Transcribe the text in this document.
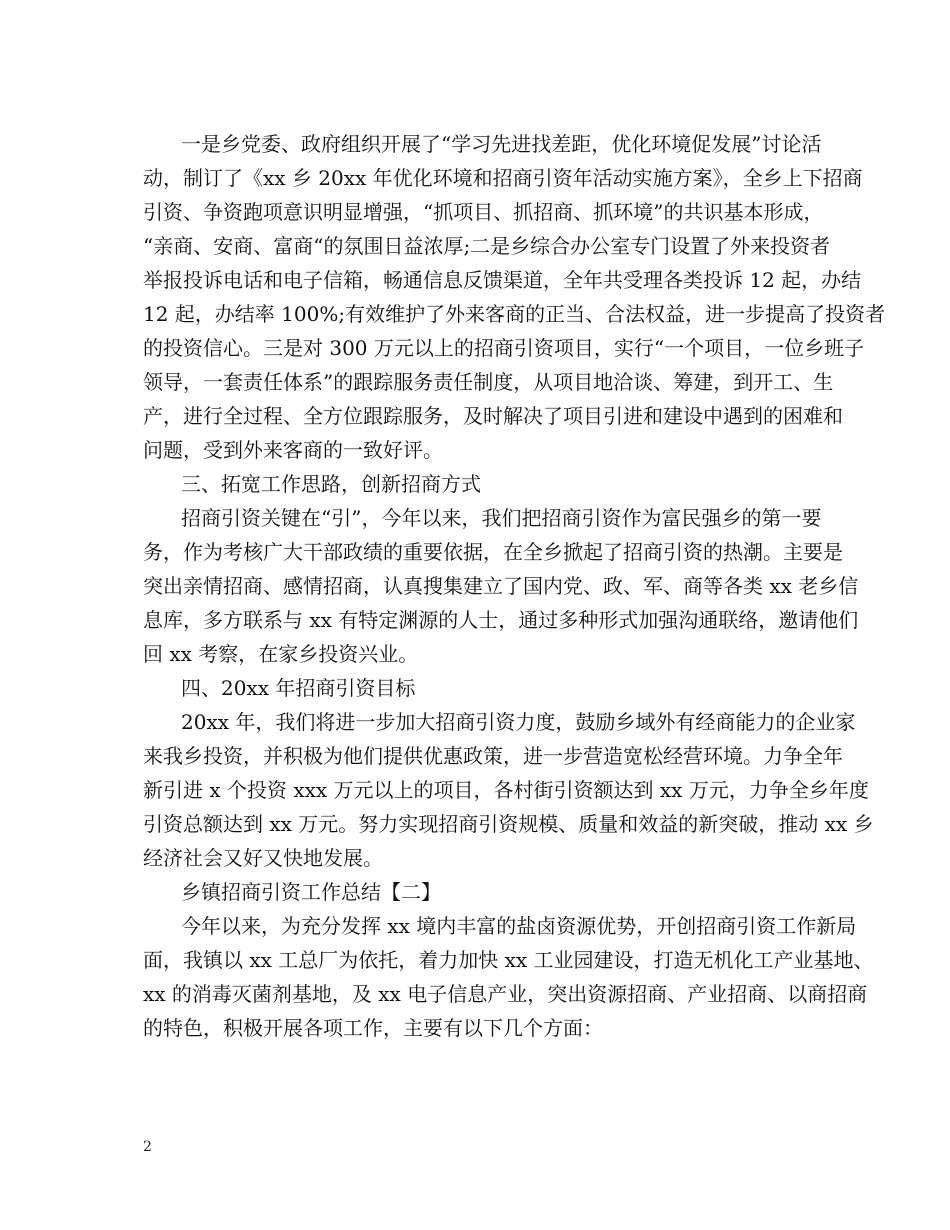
一是乡党委、政府组织开展了“学习先进找差距，优化环境促发展”讨论活
动，制订了《xx 乡 20xx 年优化环境和招商引资年活动实施方案》，全乡上下招商
引资、争资跑项意识明显增强，“抓项目、抓招商、抓环境”的共识基本形成，
“亲商、安商、富商“的氛围日益浓厚;二是乡综合办公室专门设置了外来投资者
举报投诉电话和电子信箱，畅通信息反馈渠道，全年共受理各类投诉 12 起，办结
12 起，办结率 100%;有效维护了外来客商的正当、合法权益，进一步提高了投资者
的投资信心。三是对 300 万元以上的招商引资项目，实行“一个项目，一位乡班子
领导，一套责任体系”的跟踪服务责任制度，从项目地洽谈、筹建，到开工、生
产，进行全过程、全方位跟踪服务，及时解决了项目引进和建设中遇到的困难和
问题，受到外来客商的一致好评。
三、拓宽工作思路，创新招商方式
招商引资关键在“引”，今年以来，我们把招商引资作为富民强乡的第一要
务，作为考核广大干部政绩的重要依据，在全乡掀起了招商引资的热潮。主要是
突出亲情招商、感情招商，认真搜集建立了国内党、政、军、商等各类 xx 老乡信
息库，多方联系与 xx 有特定渊源的人士，通过多种形式加强沟通联络，邀请他们
回 xx 考察，在家乡投资兴业。
四、20xx 年招商引资目标
20xx 年，我们将进一步加大招商引资力度，鼓励乡域外有经商能力的企业家
来我乡投资，并积极为他们提供优惠政策，进一步营造宽松经营环境。力争全年
新引进 x 个投资 xxx 万元以上的项目，各村街引资额达到 xx 万元，力争全乡年度
引资总额达到 xx 万元。努力实现招商引资规模、质量和效益的新突破，推动 xx 乡
经济社会又好又快地发展。
乡镇招商引资工作总结【二】
今年以来，为充分发挥 xx 境内丰富的盐卤资源优势，开创招商引资工作新局
面，我镇以 xx 工总厂为依托，着力加快 xx 工业园建设，打造无机化工产业基地、
xx 的消毒灭菌剂基地，及 xx 电子信息产业，突出资源招商、产业招商、以商招商
的特色，积极开展各项工作，主要有以下几个方面：
2
